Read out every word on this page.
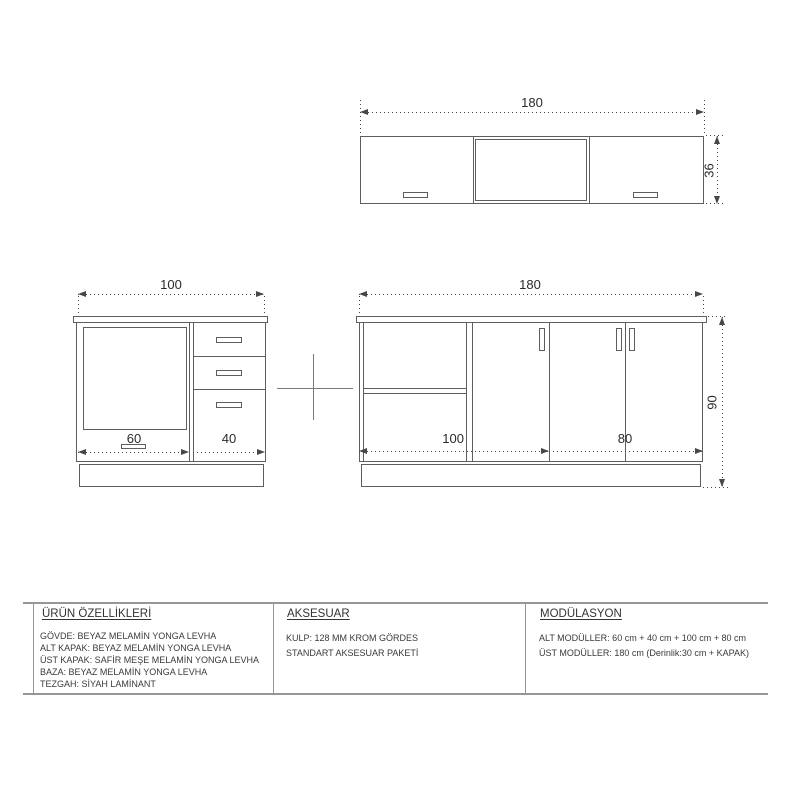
180
36
100
60	40
180
100	80
90
ÜRÜN ÖZELLİKLERİ
GÖVDE: BEYAZ MELAMİN YONGA LEVHA
ALT KAPAK: BEYAZ MELAMİN YONGA LEVHA
ÜST KAPAK: SAFİR MEŞE MELAMİN YONGA LEVHA
BAZA: BEYAZ MELAMİN YONGA LEVHA
TEZGAH: SİYAH LAMİNANT
AKSESUAR
KULP: 128 MM KROM GÖRDES
STANDART AKSESUAR PAKETİ
MODÜLASYON
ALT MODÜLLER: 60 cm + 40 cm + 100 cm + 80 cm
ÜST MODÜLLER: 180 cm (Derinlik:30 cm + KAPAK)
